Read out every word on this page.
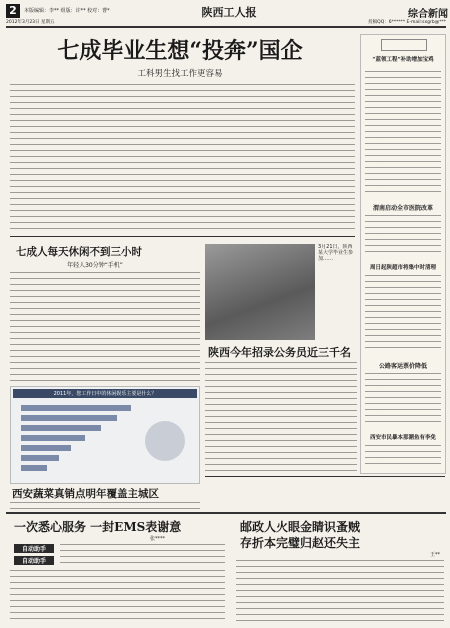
2	本版编辑：李** 组版：许** 校对：曹*	陕西工人报	综合新闻
2012年3月23日 星期五	投稿QQ：6****** E-mail:sxgrb@***
七成毕业生想“投奔”国企
工科男生找工作更容易
“蓝领工程”补助增加宝鸡
渭南启动全市医院改革
周日起陕超市将集中时清理
公路客运票价降低
西安市民暴本那潮鱼有李免
七成人每天休闲不到三小时
年轻人30分钟“手机”
2011年，您工作日中的休闲娱乐主要是什么？
3月21日，陕西某大学毕业生参加……
陕西今年招录公务员近三千名
西安蔬菜真销点明年覆盖主城区
一次悉心服务 一封EMS表谢意
张****
自动助手
自动助手
邮政人火眼金睛识蚤贼
存折本完璧归赵还失主
王**
